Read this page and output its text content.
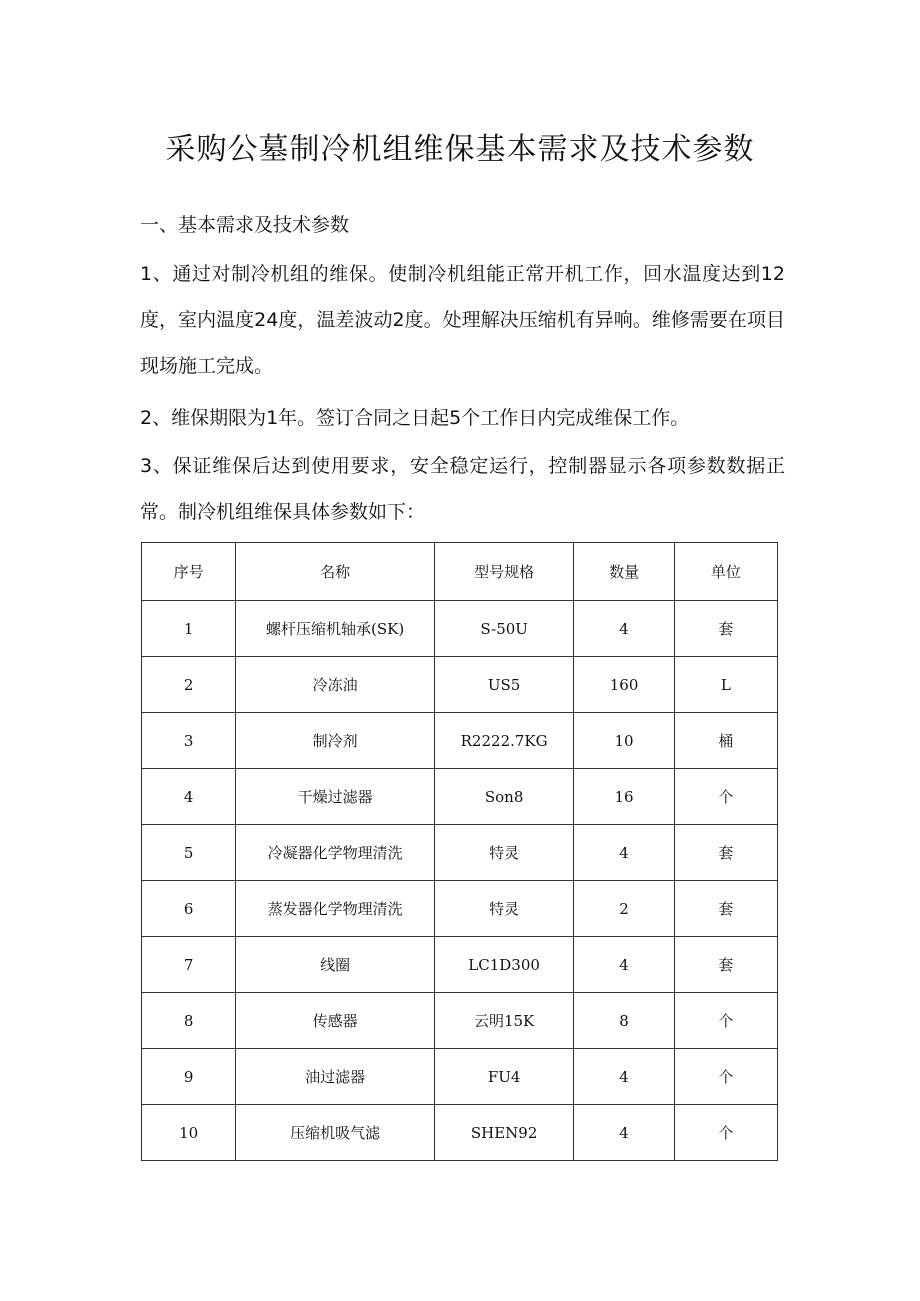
采购公墓制冷机组维保基本需求及技术参数
一、基本需求及技术参数

1、通过对制冷机组的维保。使制冷机组能正常开机工作，回水温度达到12度，室内温度24度，温差波动2度。处理解决压缩机有异响。维修需要在项目现场施工完成。

2、维保期限为1年。签订合同之日起5个工作日内完成维保工作。

3、保证维保后达到使用要求，安全稳定运行，控制器显示各项参数数据正常。制冷机组维保具体参数如下：

序号	名称	型号规格	数量	单位
1	螺杆压缩机轴承(SK)	S-50U	4	套
2	冷冻油	US5	160	L
3	制冷剂	R2222.7KG	10	桶
4	干燥过滤器	Son8	16	个
5	冷凝器化学物理清洗	特灵	4	套
6	蒸发器化学物理清洗	特灵	2	套
7	线圈	LC1D300	4	套
8	传感器	云明15K	8	个
9	油过滤器	FU4	4	个
10	压缩机吸气滤	SHEN92	4	个
